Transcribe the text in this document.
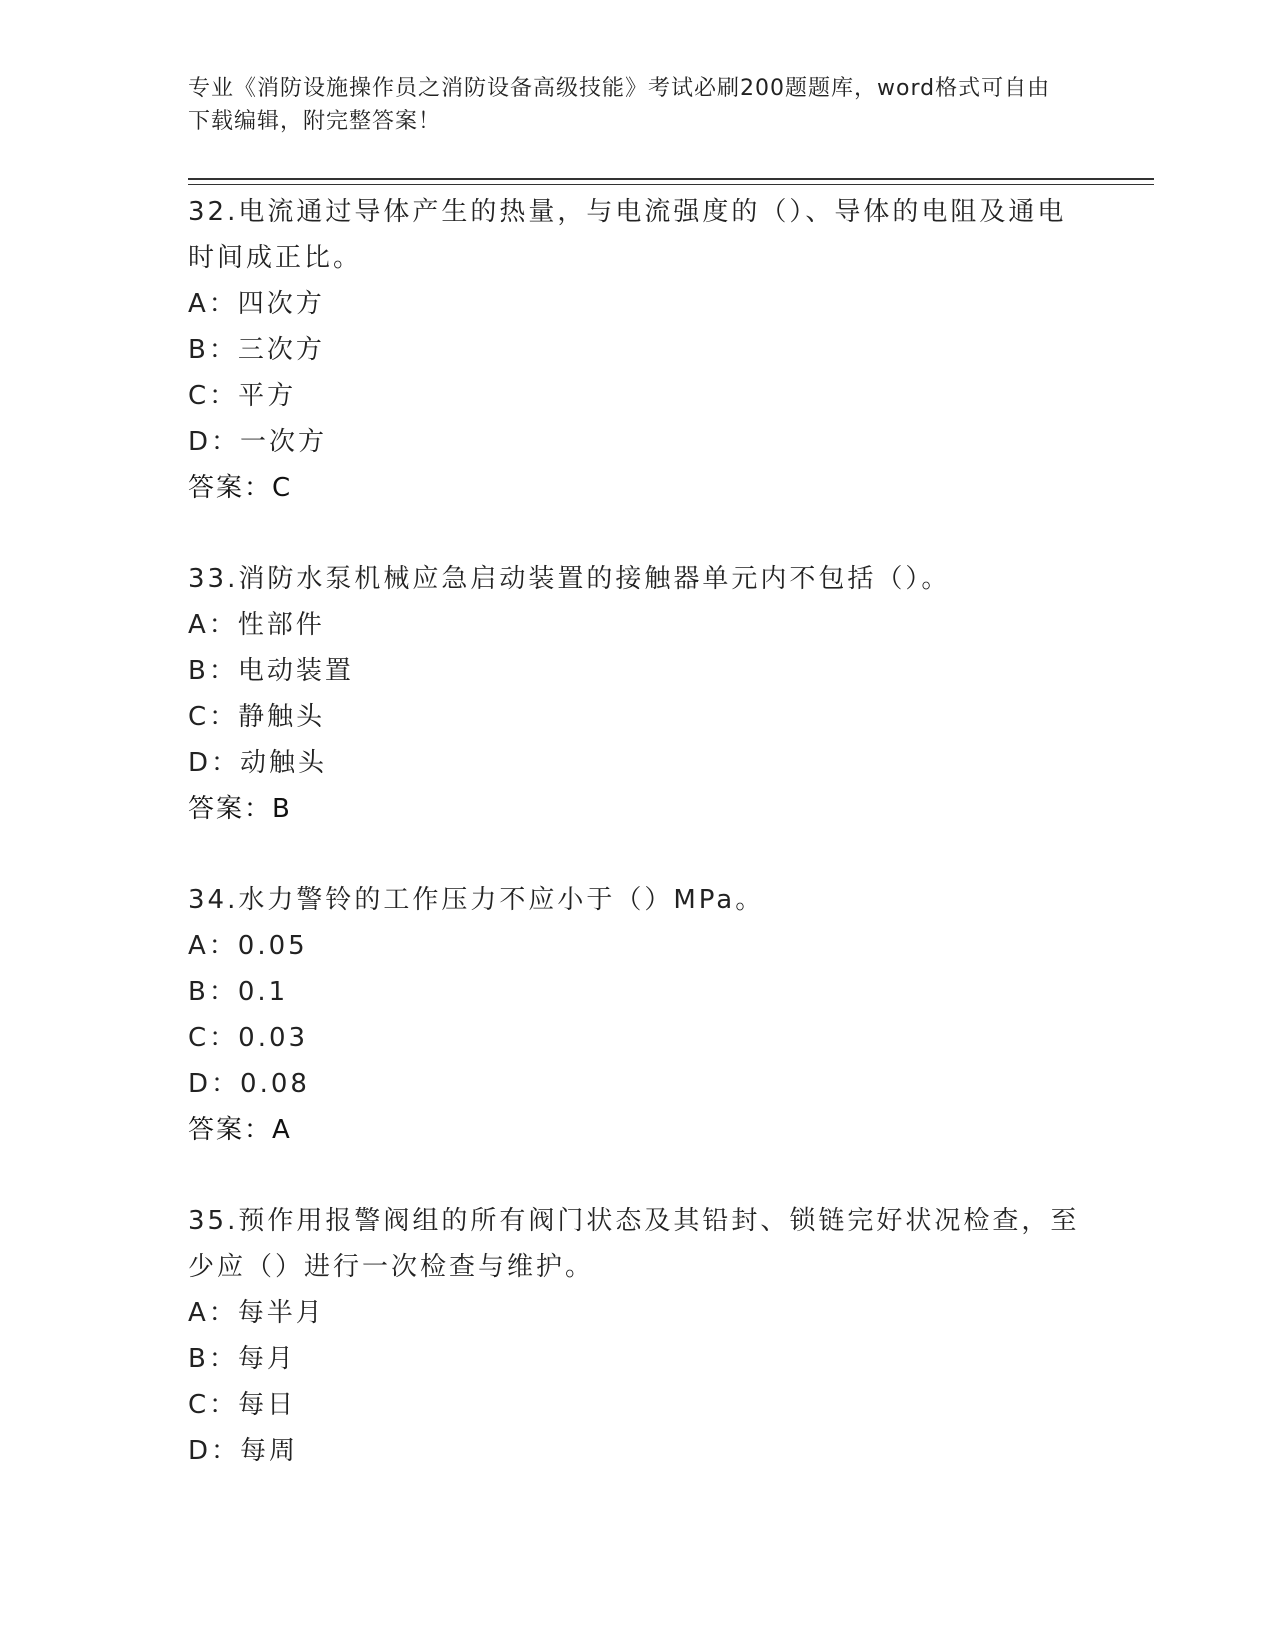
专业《消防设施操作员之消防设备高级技能》考试必刷200题题库，word格式可自由下载编辑，附完整答案！
32.电流通过导体产生的热量，与电流强度的（）、导体的电阻及通电时间成正比。
A：四次方
B：三次方
C：平方
D：一次方
答案：C
33.消防水泵机械应急启动装置的接触器单元内不包括（）。
A：性部件
B：电动装置
C：静触头
D：动触头
答案：B
34.水力警铃的工作压力不应小于（）MPa。
A：0.05
B：0.1
C：0.03
D：0.08
答案：A
35.预作用报警阀组的所有阀门状态及其铅封、锁链完好状况检查，至少应（）进行一次检查与维护。
A：每半月
B：每月
C：每日
D：每周
